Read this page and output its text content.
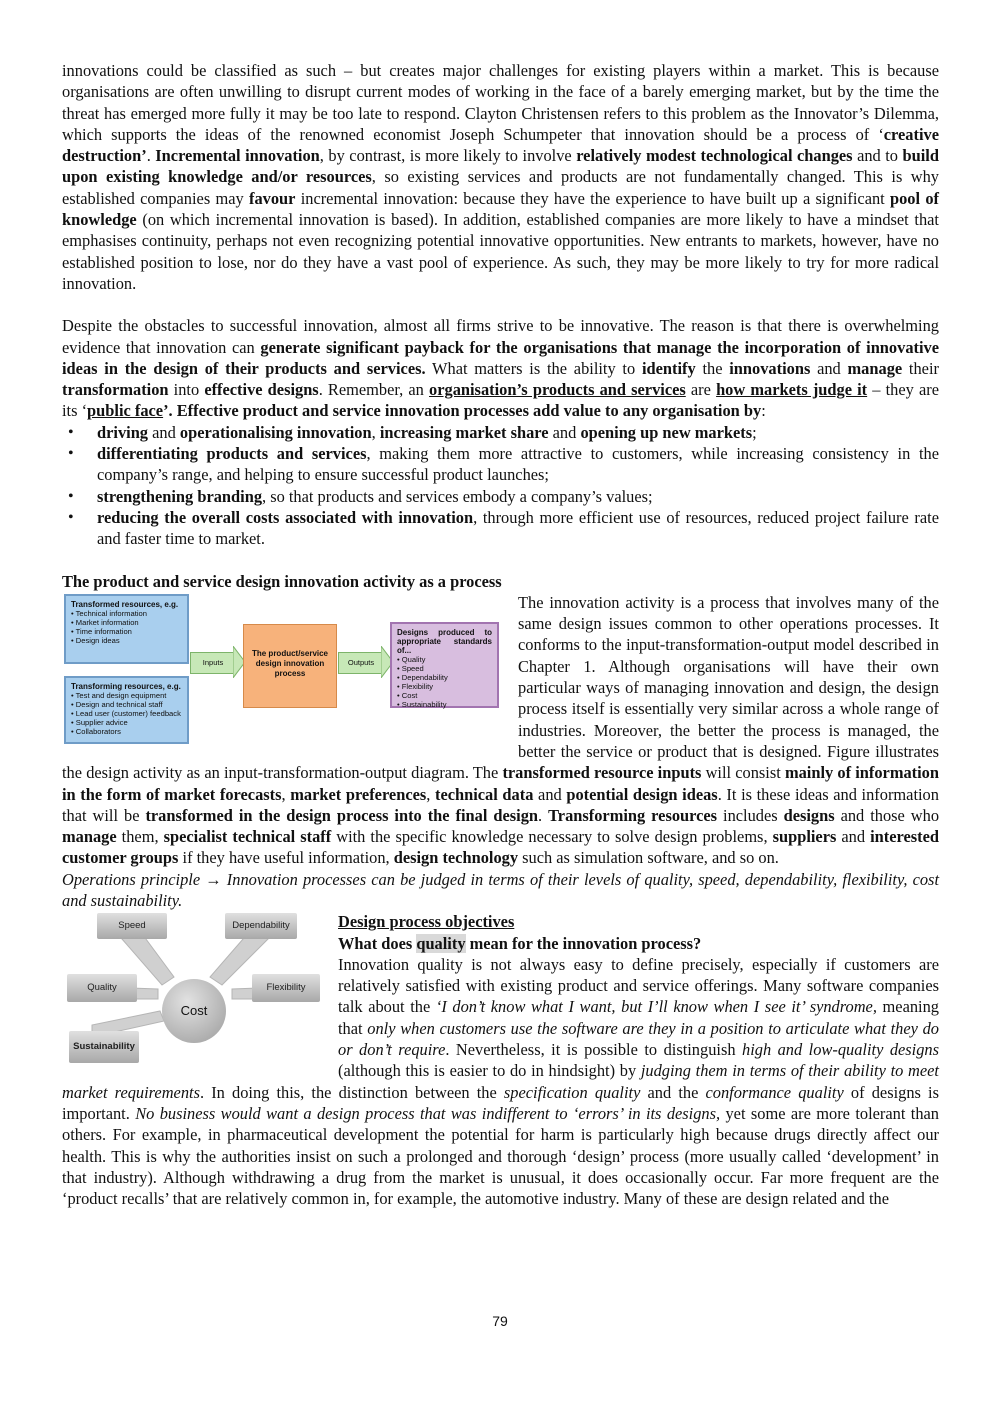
innovations could be classified as such – but creates major challenges for existing players within a market. This is because organisations are often unwilling to disrupt current modes of working in the face of a barely emerging market, but by the time the threat has emerged more fully it may be too late to respond. Clayton Christensen refers to this problem as the Innovator’s Dilemma, which supports the ideas of the renowned economist Joseph Schumpeter that innovation should be a process of ‘creative destruction’. Incremental innovation, by contrast, is more likely to involve relatively modest technological changes and to build upon existing knowledge and/or resources, so existing services and products are not fundamentally changed. This is why established companies may favour incremental innovation: because they have the experience to have built up a significant pool of knowledge (on which incremental innovation is based). In addition, established companies are more likely to have a mindset that emphasises continuity, perhaps not even recognizing potential innovative opportunities. New entrants to markets, however, have no established position to lose, nor do they have a vast pool of experience. As such, they may be more likely to try for more radical innovation.

Despite the obstacles to successful innovation, almost all firms strive to be innovative. The reason is that there is overwhelming evidence that innovation can generate significant payback for the organisations that manage the incorporation of innovative ideas in the design of their products and services. What matters is the ability to identify the innovations and manage their transformation into effective designs. Remember, an organisation’s products and services are how markets judge it – they are its ‘public face’. Effective product and service innovation processes add value to any organisation by:

• driving and operationalising innovation, increasing market share and opening up new markets;
• differentiating products and services, making them more attractive to customers, while increasing consistency in the company’s range, and helping to ensure successful product launches;
• strengthening branding, so that products and services embody a company’s values;
• reducing the overall costs associated with innovation, through more efficient use of resources, reduced project failure rate and faster time to market.
The product and service design innovation activity as a process
Transformed resources, e.g.
• Technical information
• Market information
• Time information
• Design ideas
Transforming resources, e.g.
• Test and design equipment
• Design and technical staff
• Lead user (customer) feedback
• Supplier advice
• Collaborators
Inputs
The product/service design innovation process
Outputs
Designs produced to appropriate standards of...
• Quality
• Speed
• Dependability
• Flexibility
• Cost
• Sustainability

The innovation activity is a process that involves many of the same design issues common to other operations processes. It conforms to the input-transformation-output model described in Chapter 1. Although organisations will have their own particular ways of managing innovation and design, the design process itself is essentially very similar across a whole range of industries. Moreover, the better the process is managed, the better the service or product that is designed. Figure illustrates the design activity as an input-transformation-output diagram. The transformed resource inputs will consist mainly of information in the form of market forecasts, market preferences, technical data and potential design ideas. It is these ideas and information that will be transformed in the design process into the final design. Transforming resources includes designs and those who manage them, specialist technical staff with the specific knowledge necessary to solve design problems, suppliers and interested customer groups if they have useful information, design technology such as simulation software, and so on.

Operations principle → Innovation processes can be judged in terms of their levels of quality, speed, dependability, flexibility, cost and sustainability.

Speed	Dependability
Quality	Flexibility
Cost
Sustainability
Design process objectives

What does quality mean for the innovation process?

Innovation quality is not always easy to define precisely, especially if customers are relatively satisfied with existing product and service offerings. Many software companies talk about the ‘I don’t know what I want, but I’ll know when I see it’ syndrome, meaning that only when customers use the software are they in a position to articulate what they do or don’t require. Nevertheless, it is possible to distinguish high and low-quality designs (although this is easier to do in hindsight) by judging them in terms of their ability to meet market requirements. In doing this, the distinction between the specification quality and the conformance quality of designs is important. No business would want a design process that was indifferent to ‘errors’ in its designs, yet some are more tolerant than others. For example, in pharmaceutical development the potential for harm is particularly high because drugs directly affect our health. This is why the authorities insist on such a prolonged and thorough ‘design’ process (more usually called ‘development’ in that industry). Although withdrawing a drug from the market is unusual, it does occasionally occur. Far more frequent are the ‘product recalls’ that are relatively common in, for example, the automotive industry. Many of these are design related and the

79
